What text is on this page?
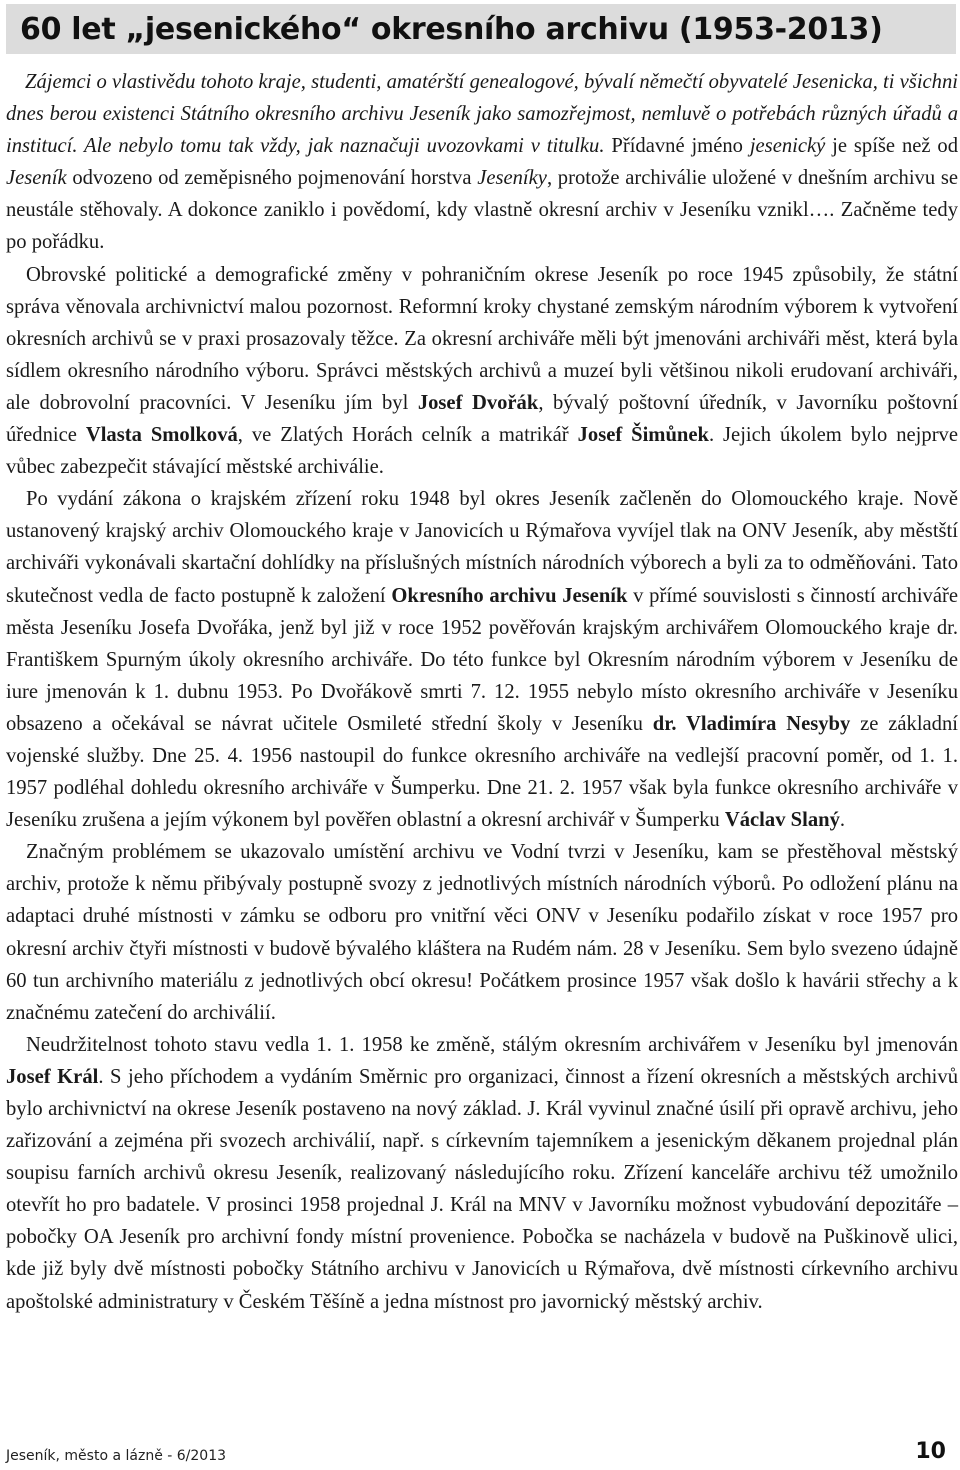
60 let „jesenického“ okresního archivu (1953-2013)

Zájemci o vlastivědu tohoto kraje, studenti, amatérští genealogové, bývalí němečtí obyvatelé Jesenicka, ti všichni dnes berou existenci Státního okresního archivu Jeseník jako samozřejmost, nemluvě o potřebách různých úřadů a institucí. Ale nebylo tomu tak vždy, jak naznačuji uvozovkami v titulku. Přídavné jméno jesenický je spíše než od Jeseník odvozeno od zeměpisného pojmenování horstva Jeseníky, protože archiválie uložené v dnešním archivu se neustále stěhovaly. A dokonce zaniklo i povědomí, kdy vlastně okresní archiv v Jeseníku vznikl…. Začněme tedy po pořádku.

Obrovské politické a demografické změny v pohraničním okrese Jeseník po roce 1945 způsobily, že státní správa věnovala archivnictví malou pozornost. Reformní kroky chystané zemským národním výborem k vytvoření okresních archivů se v praxi prosazovaly těžce. Za okresní archiváře měli být jmenováni archiváři měst, která byla sídlem okresního národního výboru. Správci městských archivů a muzeí byli většinou nikoli erudovaní archiváři, ale dobrovolní pracovníci. V Jeseníku jím byl Josef Dvořák, bývalý poštovní úředník, v Javorníku poštovní úřednice Vlasta Smolková, ve Zlatých Horách celník a matrikář Josef Šimůnek. Jejich úkolem bylo nejprve vůbec zabezpečit stávající městské archiválie.

Po vydání zákona o krajském zřízení roku 1948 byl okres Jeseník začleněn do Olomouckého kraje. Nově ustanovený krajský archiv Olomouckého kraje v Janovicích u Rýmařova vyvíjel tlak na ONV Jeseník, aby městští archiváři vykonávali skartační dohlídky na příslušných místních národních výborech a byli za to odměňováni. Tato skutečnost vedla de facto postupně k založení Okresního archivu Jeseník v přímé souvislosti s činností archiváře města Jeseníku Josefa Dvořáka, jenž byl již v roce 1952 pověřován krajským archivářem Olomouckého kraje dr. Františkem Spurným úkoly okresního archiváře. Do této funkce byl Okresním národním výborem v Jeseníku de iure jmenován k 1. dubnu 1953. Po Dvořákově smrti 7. 12. 1955 nebylo místo okresního archiváře v Jeseníku obsazeno a očekával se návrat učitele Osmileté střední školy v Jeseníku dr. Vladimíra Nesyby ze základní vojenské služby. Dne 25. 4. 1956 nastoupil do funkce okresního archiváře na vedlejší pracovní poměr, od 1. 1. 1957 podléhal dohledu okresního archiváře v Šumperku. Dne 21. 2. 1957 však byla funkce okresního archiváře v Jeseníku zrušena a jejím výkonem byl pověřen oblastní a okresní archivář v Šumperku Václav Slaný.

Značným problémem se ukazovalo umístění archivu ve Vodní tvrzi v Jeseníku, kam se přestěhoval městský archiv, protože k němu přibývaly postupně svozy z jednotlivých místních národních výborů. Po odložení plánu na adaptaci druhé místnosti v zámku se odboru pro vnitřní věci ONV v Jeseníku podařilo získat v roce 1957 pro okresní archiv čtyři místnosti v budově bývalého kláštera na Rudém nám. 28 v Jeseníku. Sem bylo svezeno údajně 60 tun archivního materiálu z jednotlivých obcí okresu! Počátkem prosince 1957 však došlo k havárii střechy a k značnému zatečení do archiválií.

Neudržitelnost tohoto stavu vedla 1. 1. 1958 ke změně, stálým okresním archivářem v Jeseníku byl jmenován Josef Král. S jeho příchodem a vydáním Směrnic pro organizaci, činnost a řízení okresních a městských archivů bylo archivnictví na okrese Jeseník postaveno na nový základ. J. Král vyvinul značné úsilí při opravě archivu, jeho zařizování a zejména při svozech archiválií, např. s církevním tajemníkem a jesenickým děkanem projednal plán soupisu farních archivů okresu Jeseník, realizovaný následujícího roku. Zřízení kanceláře archivu též umožnilo otevřít ho pro badatele. V prosinci 1958 projednal J. Král na MNV v Javorníku možnost vybudování depozitáře – pobočky OA Jeseník pro archivní fondy místní provenience. Pobočka se nacházela v budově na Puškinově ulici, kde již byly dvě místnosti pobočky Státního archivu v Janovicích u Rýmařova, dvě místnosti církevního archivu apoštolské administratury v Českém Těšíně a jedna místnost pro javornický městský archiv.

Jeseník, město a lázně - 6/2013	10
